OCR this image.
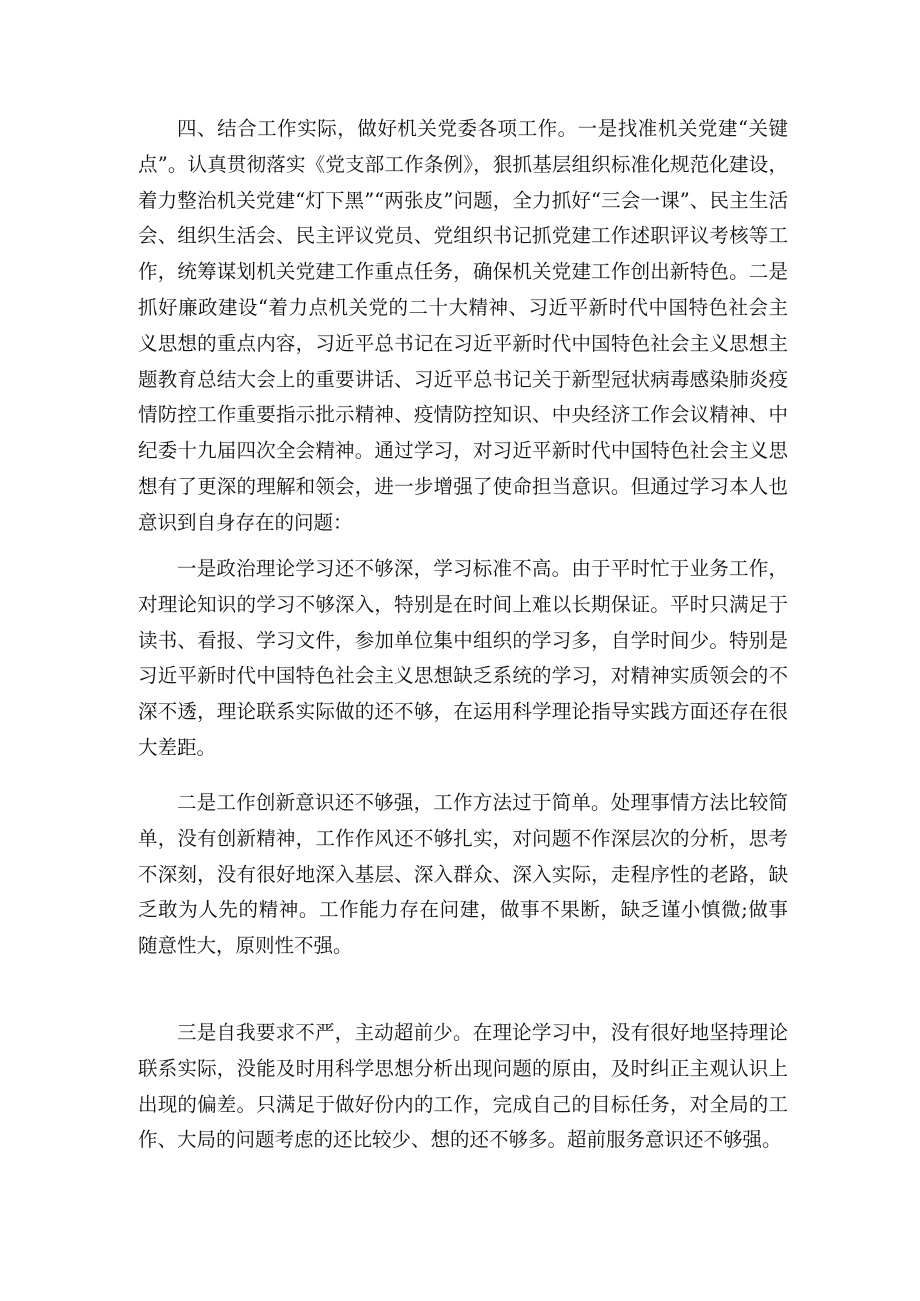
四、结合工作实际，做好机关党委各项工作。一是找准机关党建“关键点”。认真贯彻落实《党支部工作条例》，狠抓基层组织标准化规范化建设，着力整治机关党建“灯下黑”“两张皮”问题，全力抓好“三会一课”、民主生活会、组织生活会、民主评议党员、党组织书记抓党建工作述职评议考核等工作，统筹谋划机关党建工作重点任务，确保机关党建工作创出新特色。二是抓好廉政建设“着力点机关党的二十大精神、习近平新时代中国特色社会主义思想的重点内容，习近平总书记在习近平新时代中国特色社会主义思想主题教育总结大会上的重要讲话、习近平总书记关于新型冠状病毒感染肺炎疫情防控工作重要指示批示精神、疫情防控知识、中央经济工作会议精神、中纪委十九届四次全会精神。通过学习，对习近平新时代中国特色社会主义思想有了更深的理解和领会，进一步增强了使命担当意识。但通过学习本人也意识到自身存在的问题：

一是政治理论学习还不够深，学习标准不高。由于平时忙于业务工作，对理论知识的学习不够深入，特别是在时间上难以长期保证。平时只满足于读书、看报、学习文件，参加单位集中组织的学习多，自学时间少。特别是习近平新时代中国特色社会主义思想缺乏系统的学习，对精神实质领会的不深不透，理论联系实际做的还不够，在运用科学理论指导实践方面还存在很大差距。

二是工作创新意识还不够强，工作方法过于简单。处理事情方法比较简单，没有创新精神，工作作风还不够扎实，对问题不作深层次的分析，思考不深刻，没有很好地深入基层、深入群众、深入实际，走程序性的老路，缺乏敢为人先的精神。工作能力存在问建，做事不果断，缺乏谨小慎微;做事随意性大，原则性不强。

三是自我要求不严，主动超前少。在理论学习中，没有很好地坚持理论联系实际，没能及时用科学思想分析出现问题的原由，及时纠正主观认识上出现的偏差。只满足于做好份内的工作，完成自己的目标任务，对全局的工作、大局的问题考虑的还比较少、想的还不够多。超前服务意识还不够强。
